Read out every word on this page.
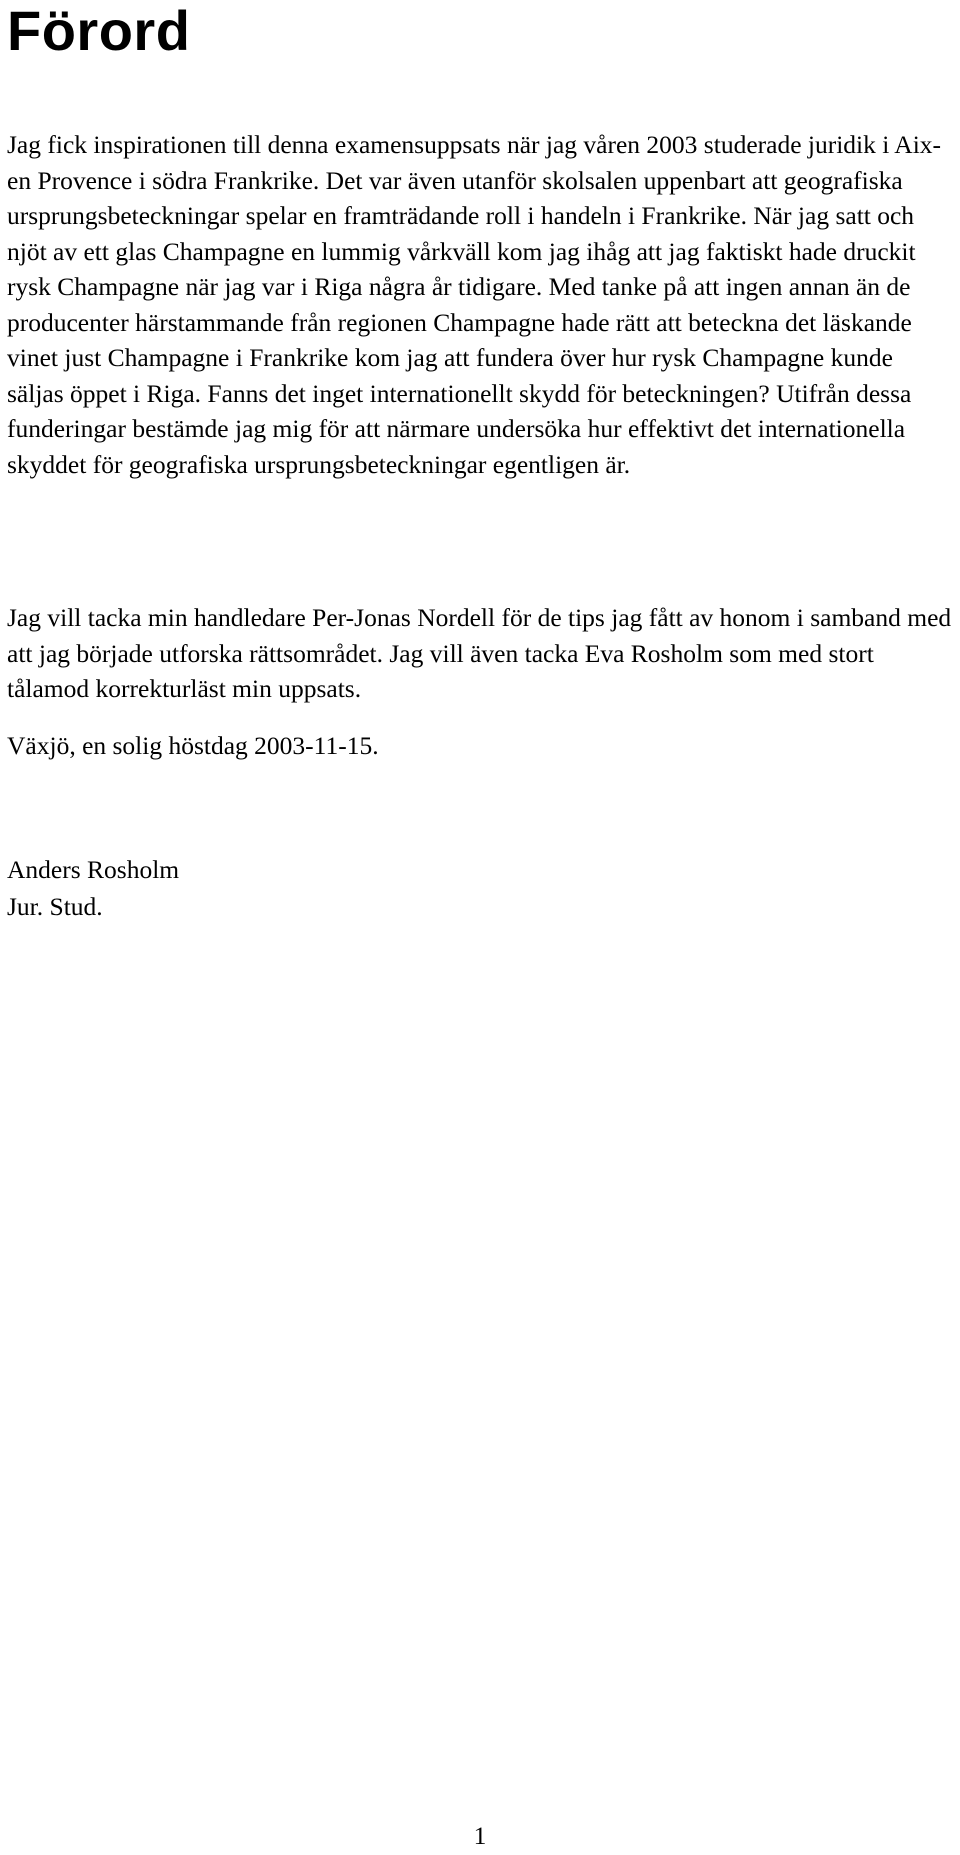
Förord

Jag fick inspirationen till denna examensuppsats när jag våren 2003 studerade juridik i Aix-en Provence i södra Frankrike. Det var även utanför skolsalen uppenbart att geografiska ursprungsbeteckningar spelar en framträdande roll i handeln i Frankrike. När jag satt och njöt av ett glas Champagne en lummig vårkväll kom jag ihåg att jag faktiskt hade druckit rysk Champagne när jag var i Riga några år tidigare. Med tanke på att ingen annan än de producenter härstammande från regionen Champagne hade rätt att beteckna det läskande vinet just Champagne i Frankrike kom jag att fundera över hur rysk Champagne kunde säljas öppet i Riga. Fanns det inget internationellt skydd för beteckningen? Utifrån dessa funderingar bestämde jag mig för att närmare undersöka hur effektivt det internationella skyddet för geografiska ursprungsbeteckningar egentligen är.

Jag vill tacka min handledare Per-Jonas Nordell för de tips jag fått av honom i samband med att jag började utforska rättsområdet. Jag vill även tacka Eva Rosholm som med stort tålamod korrekturläst min uppsats.

Växjö, en solig höstdag 2003-11-15.

Anders Rosholm
Jur. Stud.
1
